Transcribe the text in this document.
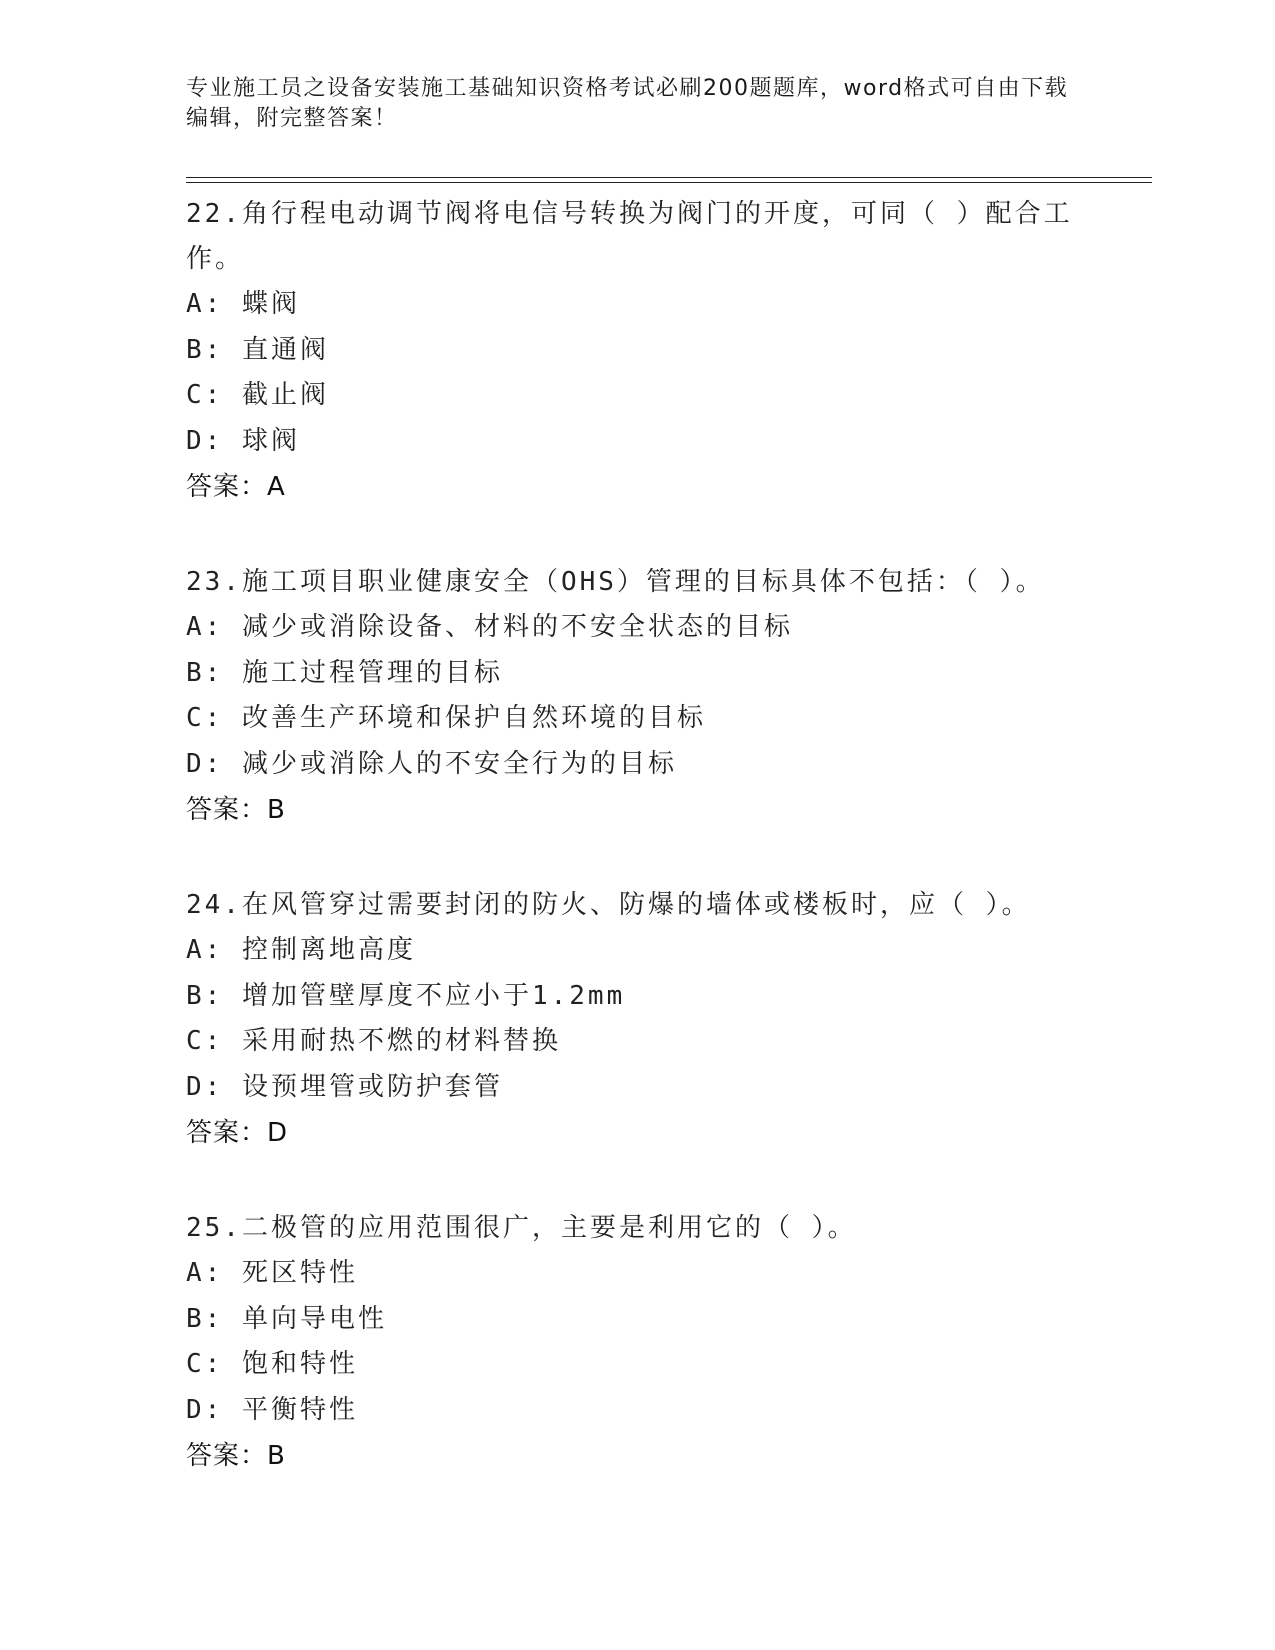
专业施工员之设备安装施工基础知识资格考试必刷200题题库，word格式可自由下载编辑，附完整答案！
22.角行程电动调节阀将电信号转换为阀门的开度，可同（ ）配合工作。
A: 蝶阀
B: 直通阀
C: 截止阀
D: 球阀
答案：A
23.施工项目职业健康安全（OHS）管理的目标具体不包括：（ ）。
A: 减少或消除设备、材料的不安全状态的目标
B: 施工过程管理的目标
C: 改善生产环境和保护自然环境的目标
D: 减少或消除人的不安全行为的目标
答案：B
24.在风管穿过需要封闭的防火、防爆的墙体或楼板时，应（ ）。
A: 控制离地高度
B: 增加管壁厚度不应小于1.2mm
C: 采用耐热不燃的材料替换
D: 设预埋管或防护套管
答案：D
25.二极管的应用范围很广，主要是利用它的（ ）。
A: 死区特性
B: 单向导电性
C: 饱和特性
D: 平衡特性
答案：B
